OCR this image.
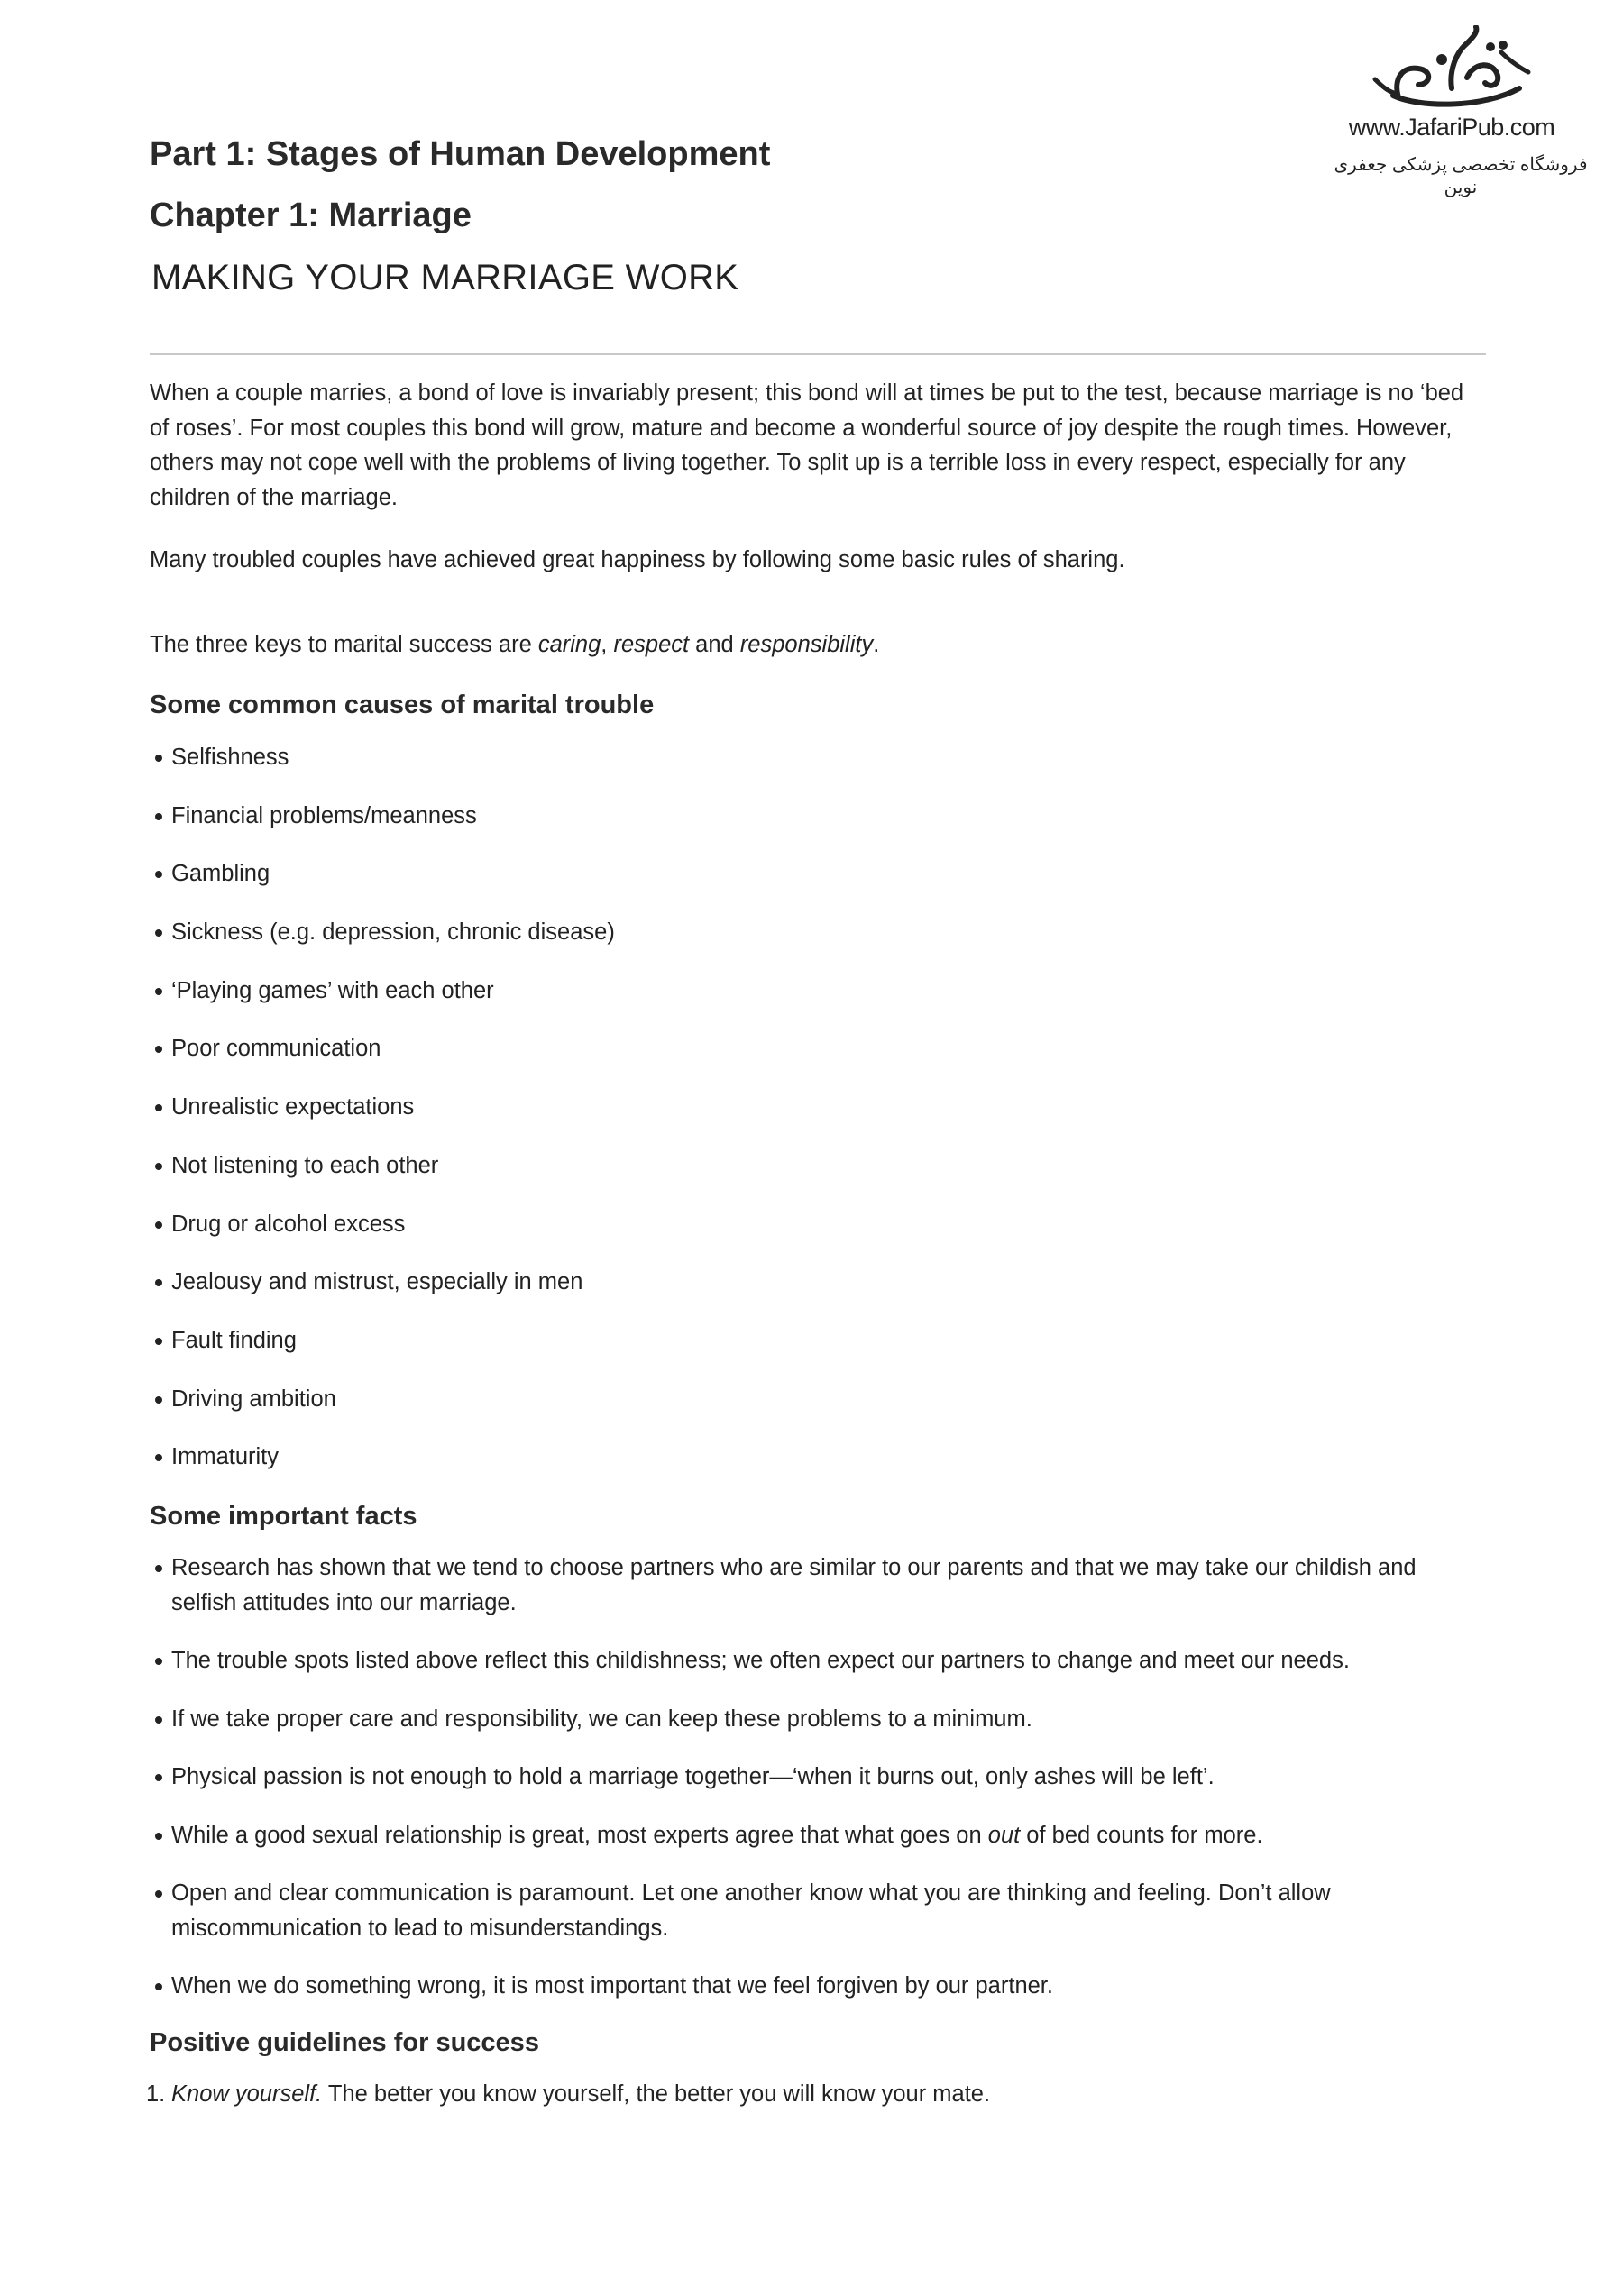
www.JafariPub.com
فروشگاه تخصصی پزشکی جعفری نوین
Part 1: Stages of Human Development
Chapter 1: Marriage
MAKING YOUR MARRIAGE WORK

When a couple marries, a bond of love is invariably present; this bond will at times be put to the test, because marriage is no ‘bed of roses’. For most couples this bond will grow, mature and become a wonderful source of joy despite the rough times. However, others may not cope well with the problems of living together. To split up is a terrible loss in every respect, especially for any children of the marriage.

Many troubled couples have achieved great happiness by following some basic rules of sharing.

The three keys to marital success are caring, respect and responsibility.

Some common causes of marital trouble
Selfishness
Financial problems/meanness
Gambling
Sickness (e.g. depression, chronic disease)
‘Playing games’ with each other
Poor communication
Unrealistic expectations
Not listening to each other
Drug or alcohol excess
Jealousy and mistrust, especially in men
Fault finding
Driving ambition
Immaturity
Some important facts
Research has shown that we tend to choose partners who are similar to our parents and that we may take our childish and selfish attitudes into our marriage.
The trouble spots listed above reflect this childishness; we often expect our partners to change and meet our needs.
If we take proper care and responsibility, we can keep these problems to a minimum.
Physical passion is not enough to hold a marriage together—‘when it burns out, only ashes will be left’.
While a good sexual relationship is great, most experts agree that what goes on out of bed counts for more.
Open and clear communication is paramount. Let one another know what you are thinking and feeling. Don’t allow miscommunication to lead to misunderstandings.
When we do something wrong, it is most important that we feel forgiven by our partner.
Positive guidelines for success
1. Know yourself. The better you know yourself, the better you will know your mate.
